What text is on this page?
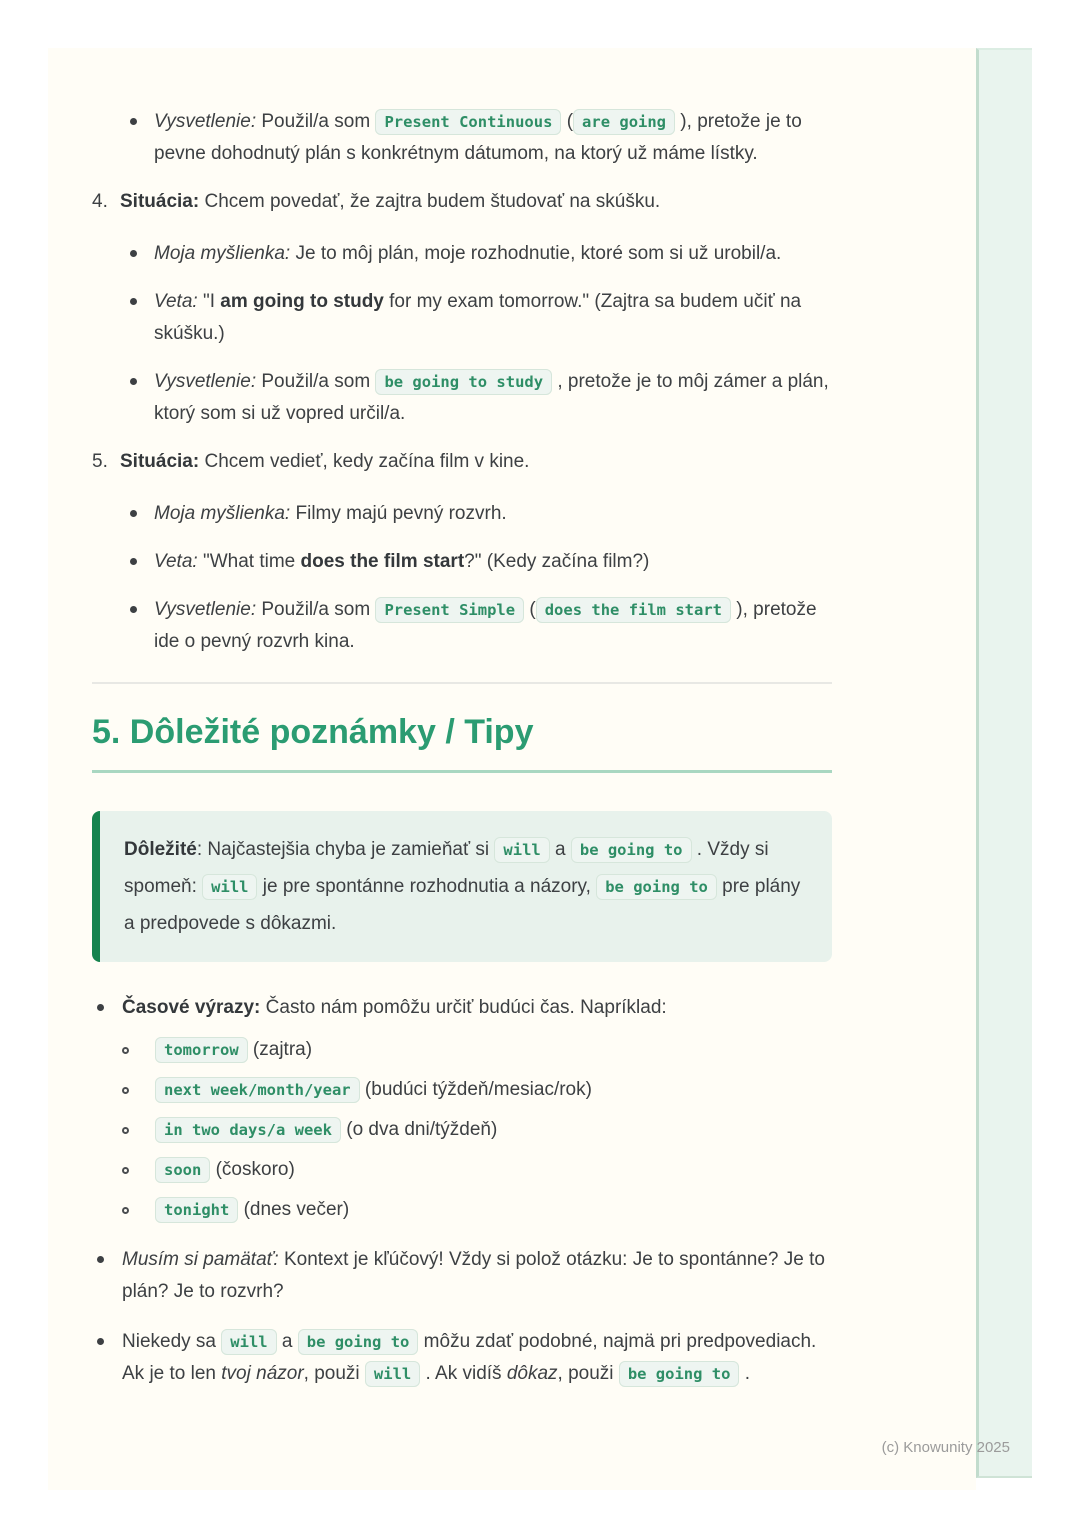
Vysvetlenie: Použil/a som Present Continuous ( are going ), pretože je to pevne dohodnutý plán s konkrétnym dátumom, na ktorý už máme lístky.
4. Situácia: Chcem povedať, že zajtra budem študovať na skúšku.
Moja myšlienka: Je to môj plán, moje rozhodnutie, ktoré som si už urobil/a.
Veta: "I am going to study for my exam tomorrow." (Zajtra sa budem učiť na skúšku.)
Vysvetlenie: Použil/a som be going to study , pretože je to môj zámer a plán, ktorý som si už vopred určil/a.
5. Situácia: Chcem vedieť, kedy začína film v kine.
Moja myšlienka: Filmy majú pevný rozvrh.
Veta: "What time does the film start?" (Kedy začína film?)
Vysvetlenie: Použil/a som Present Simple ( does the film start ), pretože ide o pevný rozvrh kina.
5. Dôležité poznámky / Tipy
Dôležité: Najčastejšia chyba je zamieňať si will a be going to . Vždy si spomeň: will je pre spontánne rozhodnutia a názory, be going to pre plány a predpovede s dôkazmi.
Časové výrazy: Často nám pomôžu určiť budúci čas. Napríklad:
tomorrow (zajtra)
next week/month/year (budúci týždeň/mesiac/rok)
in two days/a week (o dva dni/týždeň)
soon (čoskoro)
tonight (dnes večer)
Musím si pamätať: Kontext je kľúčový! Vždy si polož otázku: Je to spontánne? Je to plán? Je to rozvrh?
Niekedy sa will a be going to môžu zdať podobné, najmä pri predpovediach. Ak je to len tvoj názor, použi will . Ak vidíš dôkaz, použi be going to .
(c) Knowunity 2025
